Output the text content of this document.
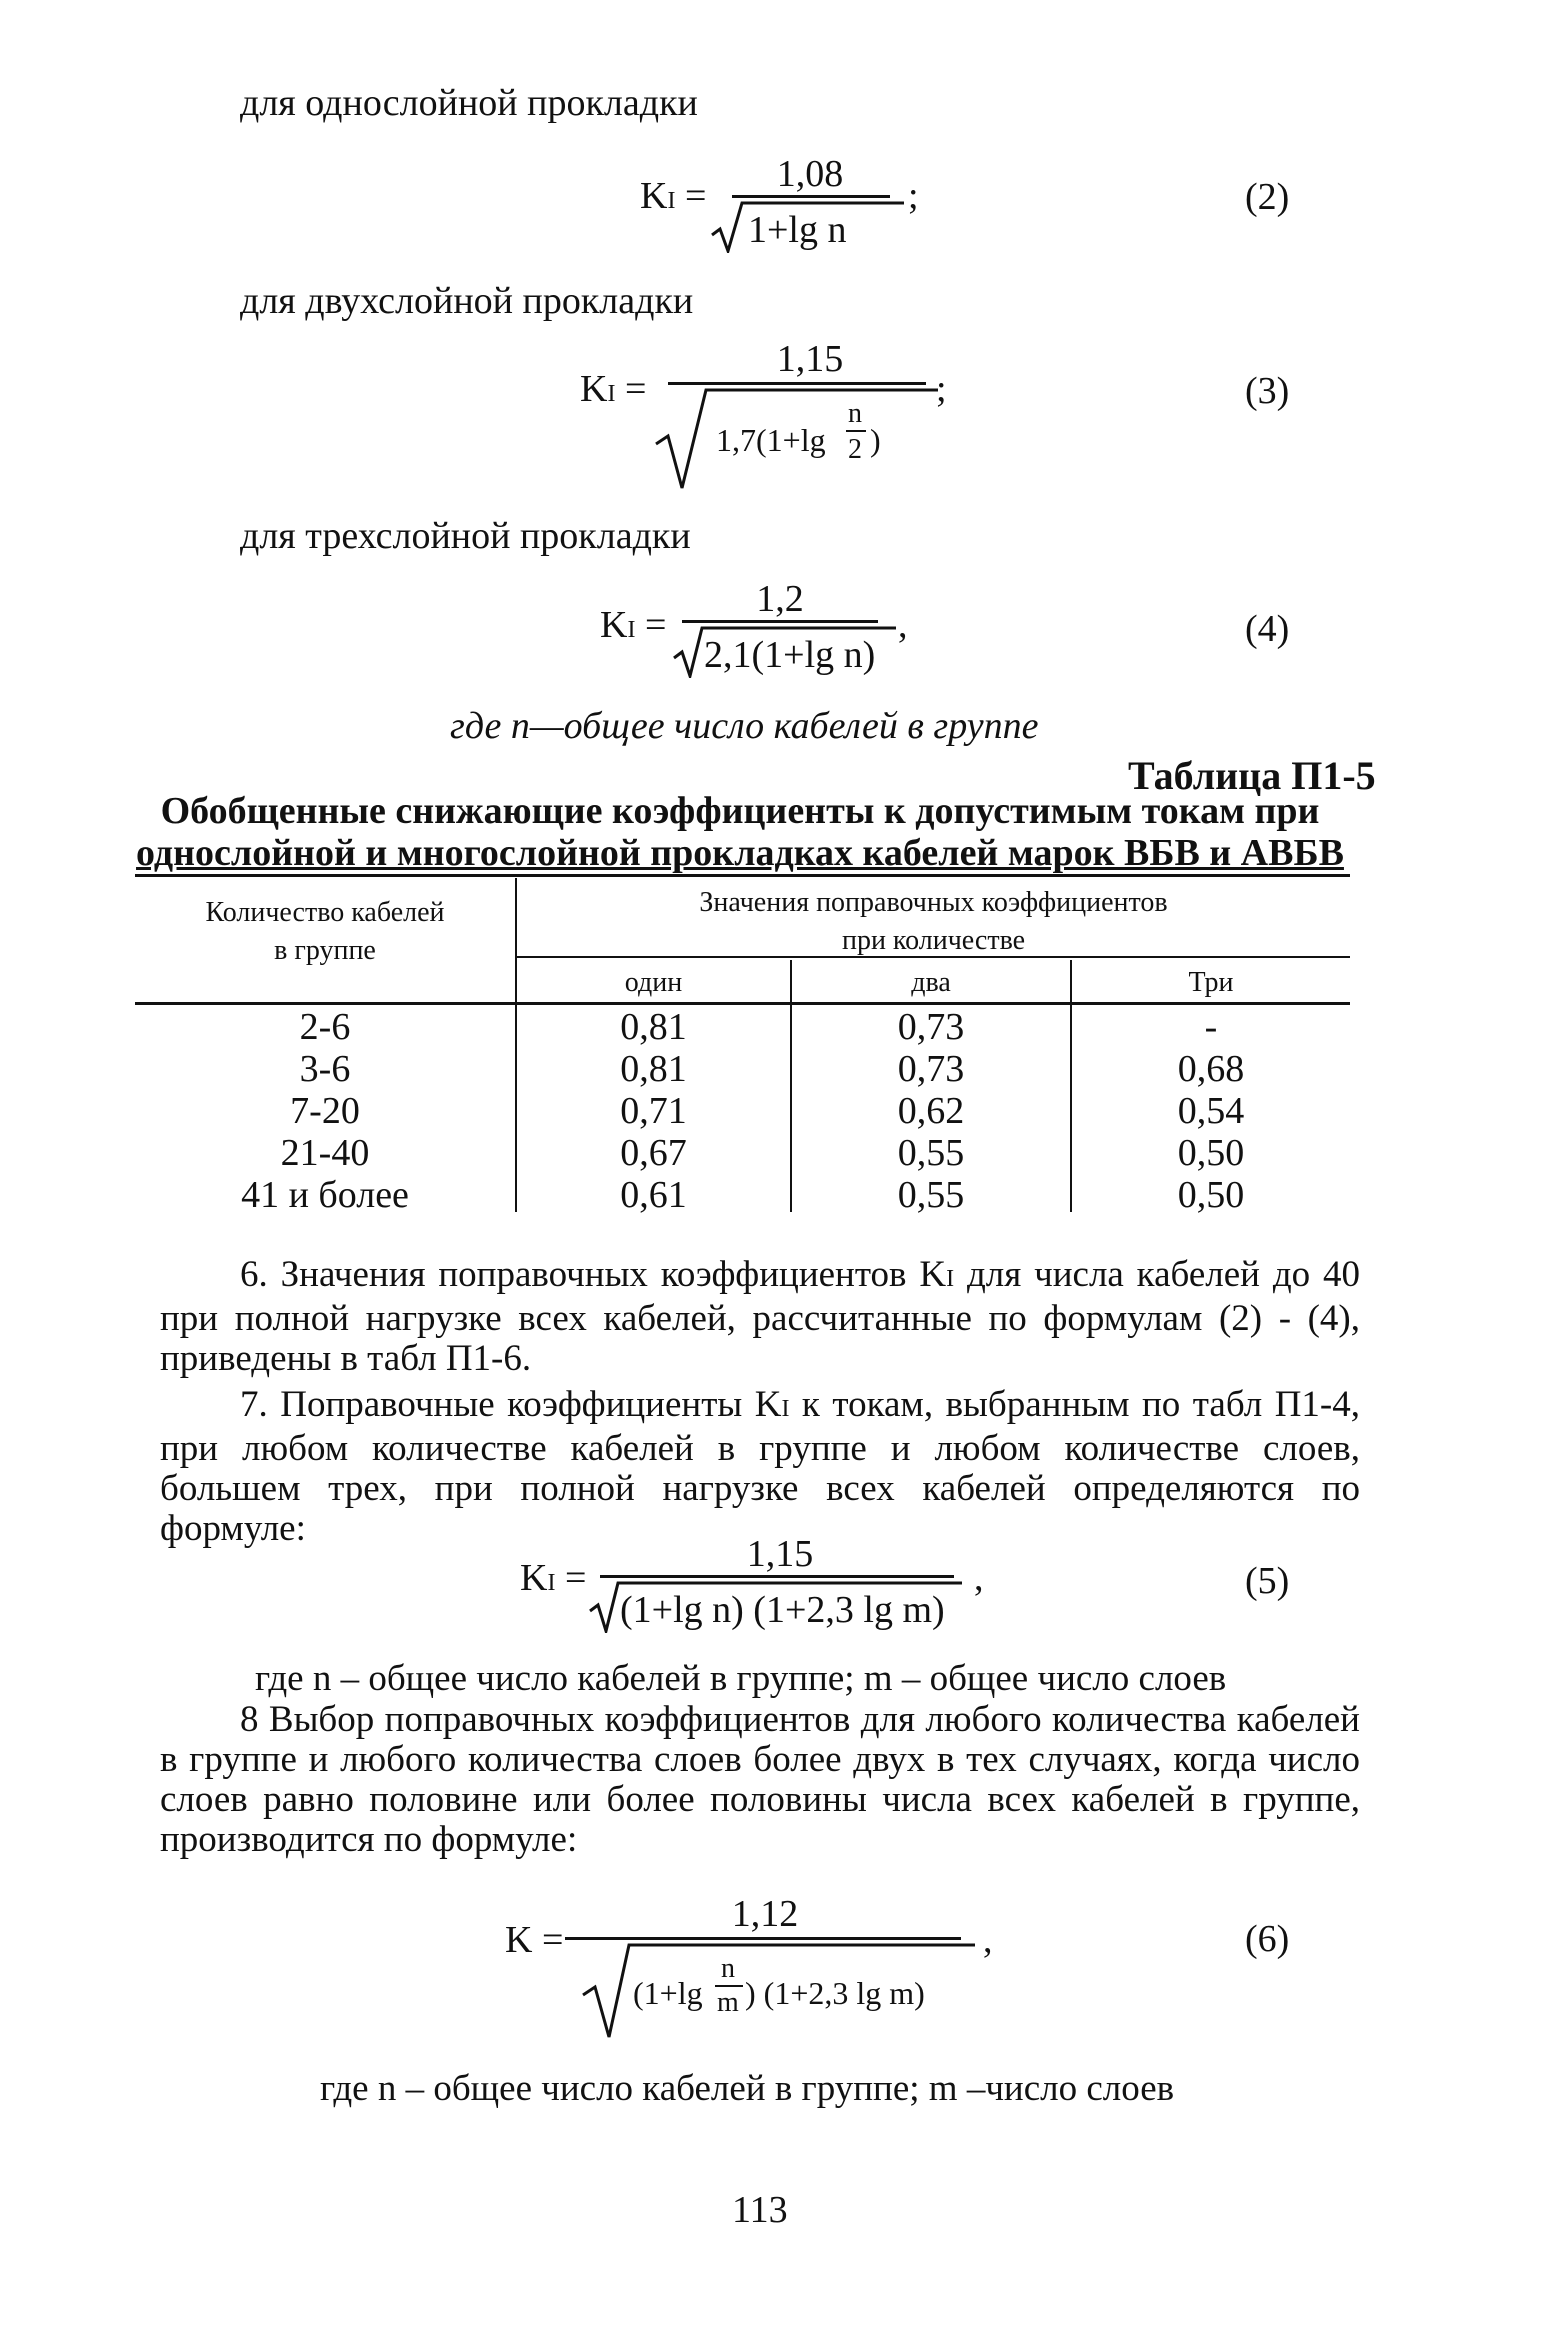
для однослойной прокладки
KI =
1,08
1+lg n
;	(2)
для двухслойной прокладки
KI =
1,15
1,7(1+lg
n
2 )
;	(3)
для трехслойной прокладки
KI =
1,2
2,1(1+lg n)
,	(4)
где n—общее число кабелей в группе
Таблица П1-5
Обобщенные снижающие коэффициенты к допустимым токам при
однослойной и многослойной прокладках кабелей марок ВБВ и АВБВ
Количество кабелей
в группе
Значения поправочных коэффициентов
при количестве
один	два	Три
2-6	0,81	0,73	-
3-6	0,81	0,73	0,68
7-20	0,71	0,62	0,54
21-40	0,67	0,55	0,50
41 и более	0,61	0,55	0,50
6. Значения поправочных коэффициентов KI для числа кабелей до 40 при полной нагрузке всех кабелей, рассчитанные по формулам (2) - (4), приведены в табл П1-6.
7. Поправочные коэффициенты KI к токам, выбранным по табл П1-4, при любом количестве кабелей в группе и любом количестве слоев, большем трех, при полной нагрузке всех кабелей определяются по формуле:
KI =
1,15
(1+lg n) (1+2,3 lg m)
,	(5)
где n – общее число кабелей в группе; m – общее число слоев
8 Выбор поправочных коэффициентов для любого количества кабелей в группе и любого количества слоев более двух в тех случаях, когда число слоев равно половине или более половины числа всех кабелей в группе, производится по формуле:
K =
1,12
(1+lg
n
m ) (1+2,3 lg m)
,	(6)
где n – общее число кабелей в группе; m –число слоев
113
